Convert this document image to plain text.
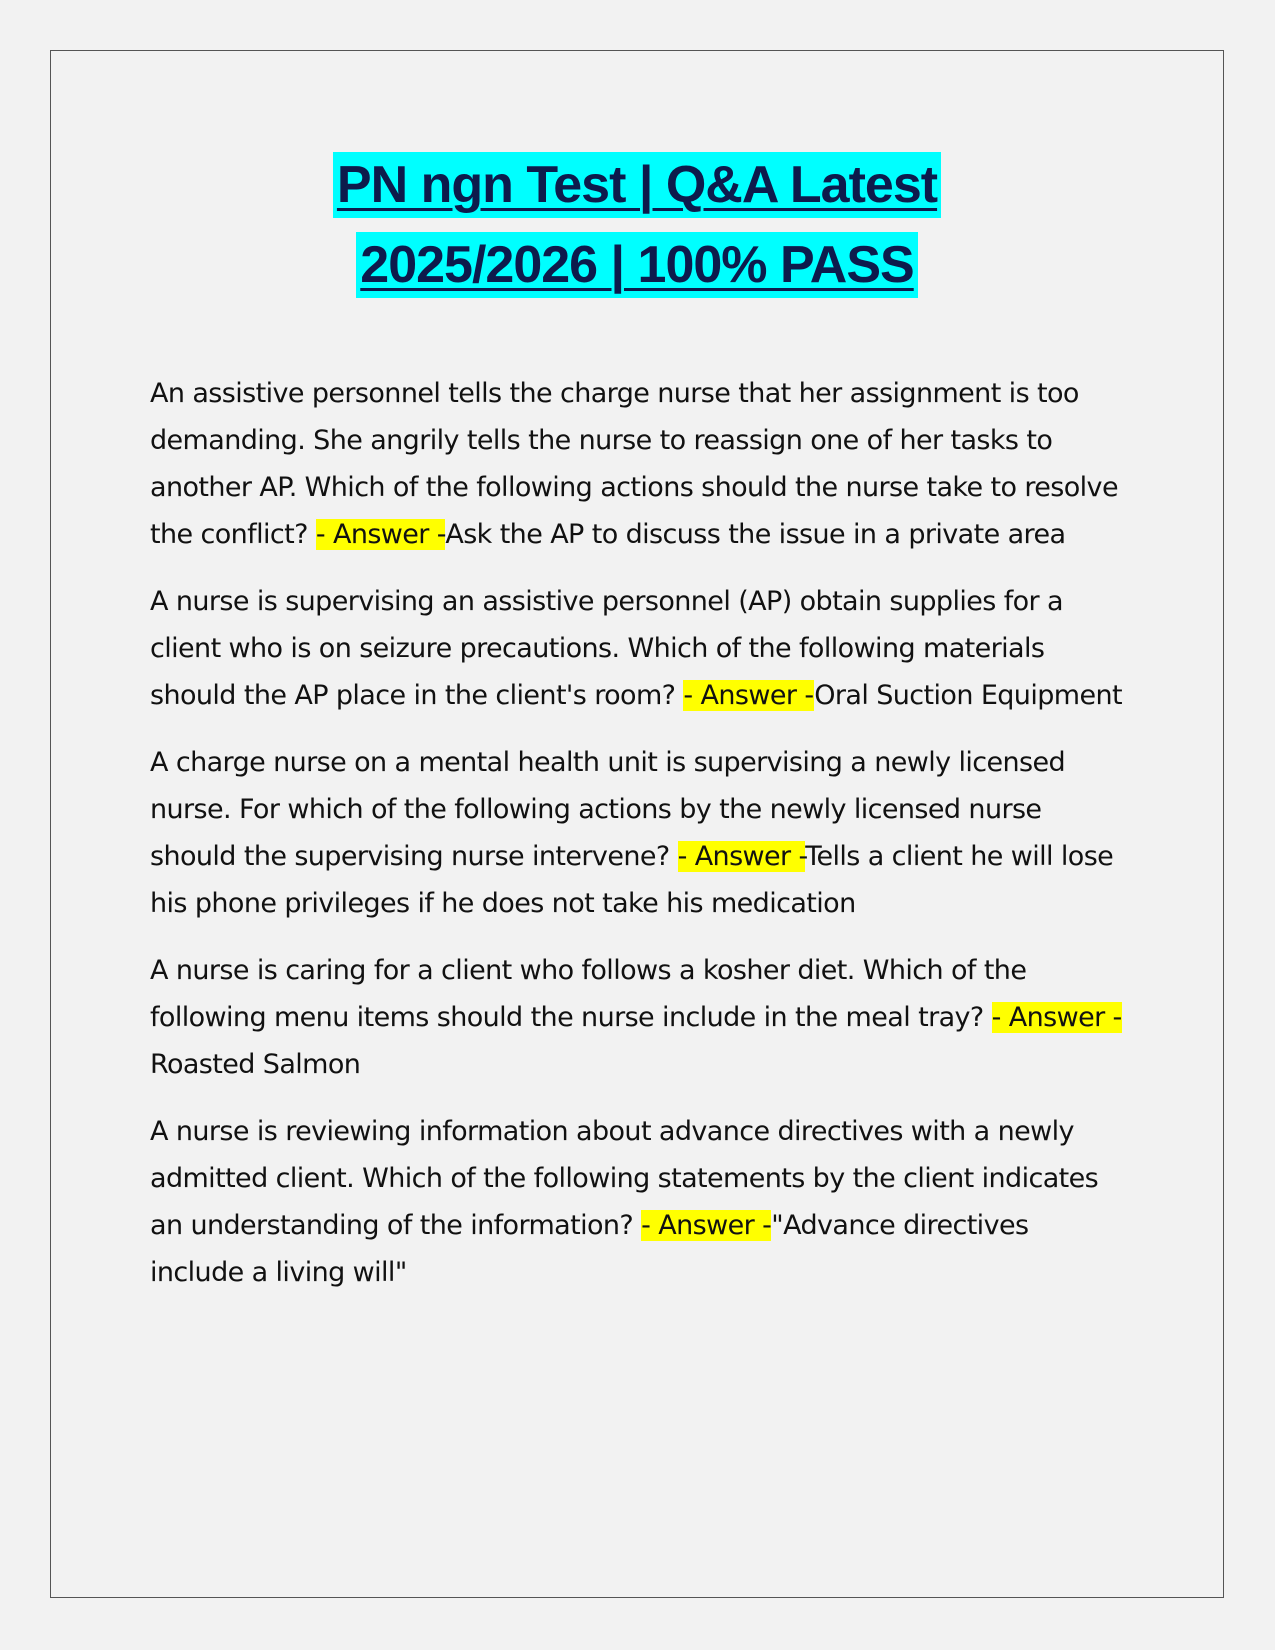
PN ngn Test | Q&A Latest
2025/2026 | 100% PASS

An assistive personnel tells the charge nurse that her assignment is too demanding. She angrily tells the nurse to reassign one of her tasks to another AP. Which of the following actions should the nurse take to resolve the conflict? - Answer -Ask the AP to discuss the issue in a private area

A nurse is supervising an assistive personnel (AP) obtain supplies for a client who is on seizure precautions. Which of the following materials should the AP place in the client's room? - Answer -Oral Suction Equipment

A charge nurse on a mental health unit is supervising a newly licensed nurse. For which of the following actions by the newly licensed nurse should the supervising nurse intervene? - Answer -Tells a client he will lose his phone privileges if he does not take his medication

A nurse is caring for a client who follows a kosher diet. Which of the following menu items should the nurse include in the meal tray? - Answer -Roasted Salmon

A nurse is reviewing information about advance directives with a newly admitted client. Which of the following statements by the client indicates an understanding of the information? - Answer -"Advance directives include a living will"
